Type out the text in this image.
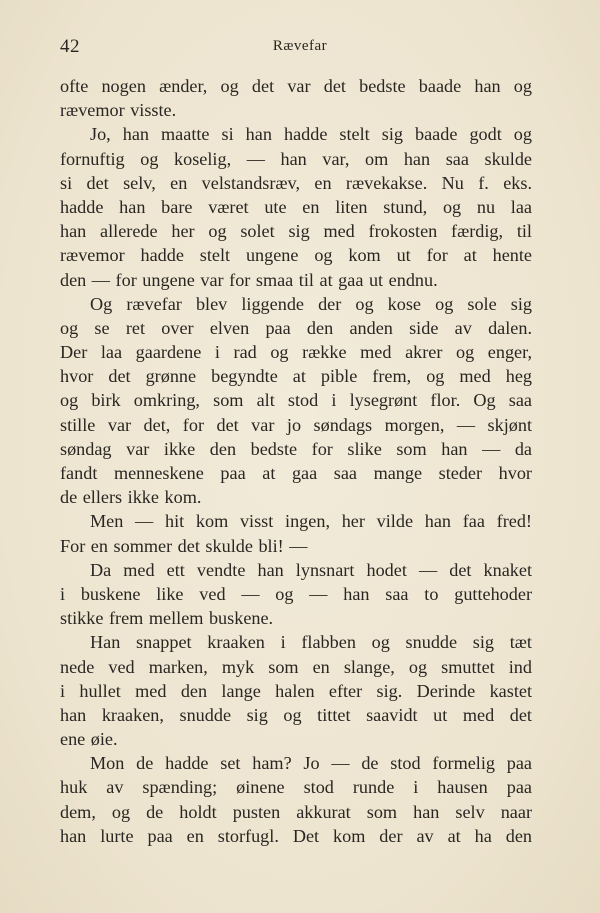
42	Rævefar
ofte nogen ænder, og det var det bedste baade han og
rævemor visste.
Jo, han maatte si han hadde stelt sig baade godt og
fornuftig og koselig, — han var, om han saa skulde
si det selv, en velstandsræv, en rævekakse. Nu f. eks.
hadde han bare været ute en liten stund, og nu laa
han allerede her og solet sig med frokosten færdig, til
rævemor hadde stelt ungene og kom ut for at hente
den — for ungene var for smaa til at gaa ut endnu.
Og rævefar blev liggende der og kose og sole sig
og se ret over elven paa den anden side av dalen.
Der laa gaardene i rad og række med akrer og enger,
hvor det grønne begyndte at pible frem, og med heg
og birk omkring, som alt stod i lysegrønt flor. Og saa
stille var det, for det var jo søndags morgen, — skjønt
søndag var ikke den bedste for slike som han — da
fandt menneskene paa at gaa saa mange steder hvor
de ellers ikke kom.
Men — hit kom visst ingen, her vilde han faa fred!
For en sommer det skulde bli! —
Da med ett vendte han lynsnart hodet — det knaket
i buskene like ved — og — han saa to guttehoder
stikke frem mellem buskene.
Han snappet kraaken i flabben og snudde sig tæt
nede ved marken, myk som en slange, og smuttet ind
i hullet med den lange halen efter sig. Derinde kastet
han kraaken, snudde sig og tittet saavidt ut med det
ene øie.
Mon de hadde set ham? Jo — de stod formelig paa
huk av spænding; øinene stod runde i hausen paa
dem, og de holdt pusten akkurat som han selv naar
han lurte paa en storfugl. Det kom der av at ha den
